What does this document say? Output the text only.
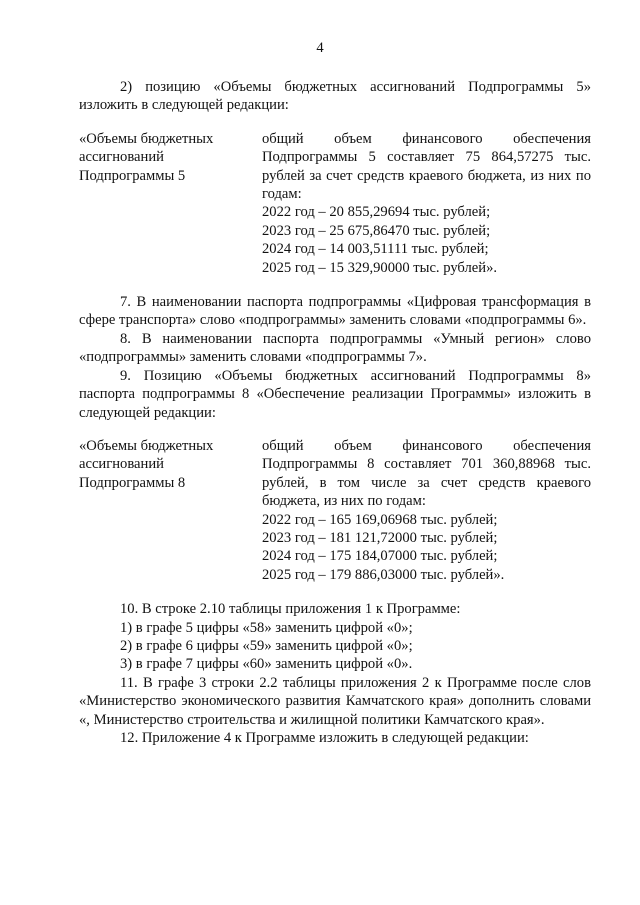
4

2) позицию «Объемы бюджетных ассигнований Подпрограммы 5» изложить в следующей редакции:

«Объемы бюджетных
ассигнований
Подпрограммы 5

общий объем финансового обеспечения Подпрограммы 5 составляет 75 864,57275 тыс. рублей за счет средств краевого бюджета, из них по годам:

2022 год – 20 855,29694 тыс. рублей;

2023 год – 25 675,86470 тыс. рублей;

2024 год – 14 003,51111 тыс. рублей;

2025 год – 15 329,90000 тыс. рублей».

7. В наименовании паспорта подпрограммы «Цифровая трансформация в сфере транспорта» слово «подпрограммы» заменить словами «подпрограммы 6».

8. В наименовании паспорта подпрограммы «Умный регион» слово «подпрограммы» заменить словами «подпрограммы 7».

9. Позицию «Объемы бюджетных ассигнований Подпрограммы 8» паспорта подпрограммы 8 «Обеспечение реализации Программы» изложить в следующей редакции:

«Объемы бюджетных
ассигнований
Подпрограммы 8

общий объем финансового обеспечения Подпрограммы 8 составляет 701 360,88968 тыс. рублей, в том числе за счет средств краевого бюджета, из них по годам:

2022 год – 165 169,06968 тыс. рублей;

2023 год – 181 121,72000 тыс. рублей;

2024 год – 175 184,07000 тыс. рублей;

2025 год – 179 886,03000 тыс. рублей».

10. В строке 2.10 таблицы приложения 1 к Программе:

1) в графе 5 цифры «58» заменить цифрой «0»;

2) в графе 6 цифры «59» заменить цифрой «0»;

3) в графе 7 цифры «60» заменить цифрой «0».

11. В графе 3 строки 2.2 таблицы приложения 2 к Программе после слов «Министерство экономического развития Камчатского края» дополнить словами «, Министерство строительства и жилищной политики Камчатского края».

12. Приложение 4 к Программе изложить в следующей редакции:
